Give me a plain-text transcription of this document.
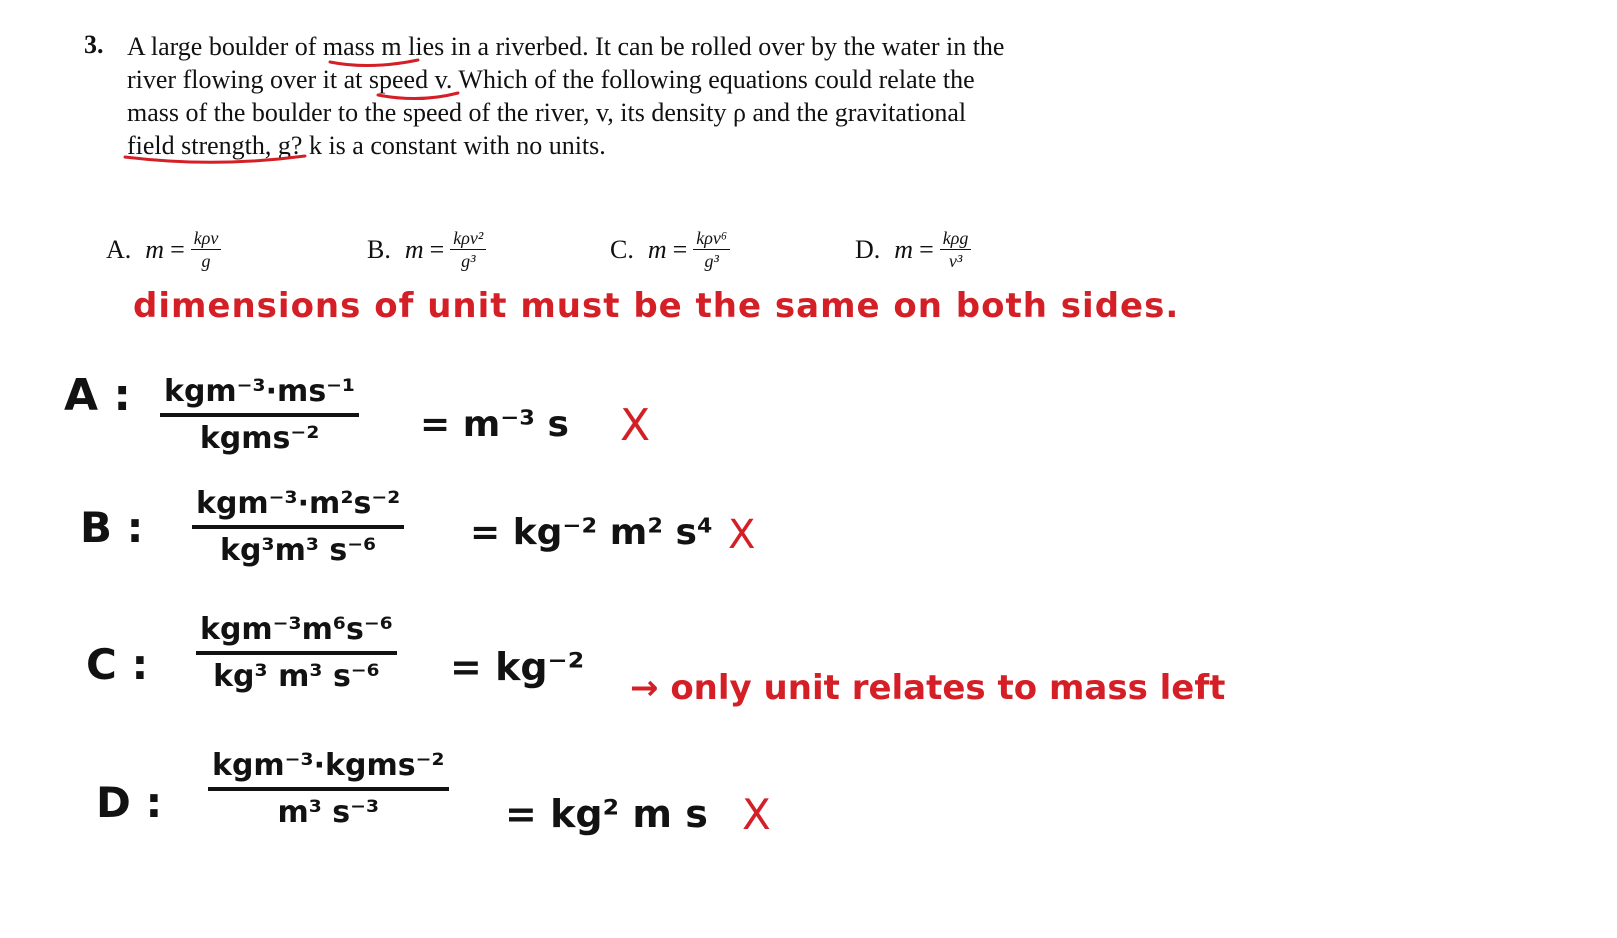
3. A large boulder of mass m lies in a riverbed. It can be rolled over by the water in the
river flowing over it at speed v. Which of the following equations could relate the
mass of the boulder to the speed of the river, v, its density ρ and the gravitational
field strength, g? k is a constant with no units.
A. $m = \frac{\text{kρv}}{g}$	B. $m = \frac{\text{kρv²}}{\text{g³}}$	C. $m = \frac{\text{kρv⁶}}{\text{g³}}$	D. $m = \frac{\text{kρg}}{\text{v³}}$
dimensions of unit must be the same on both sides.
A : kgm⁻³·ms⁻¹
kgms⁻²	= m⁻³ s X
B : kgm⁻³·m²s⁻²
kg³m³ s⁻⁶	= kg⁻² m² s⁴ X
C :
kgm⁻³m⁶s⁻⁶
kg³ m³ s⁻⁶ = kg⁻² → only unit relates to mass left
D :
kgm⁻³·kgms⁻²
m³ s⁻³	= kg² m s X
